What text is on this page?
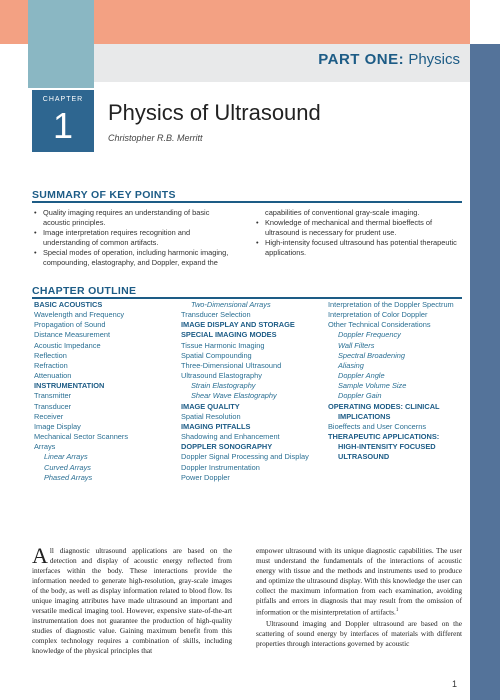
PART ONE: Physics
CHAPTER
1	Physics of Ultrasound
Christopher R.B. Merritt
SUMMARY OF KEY POINTS
• Quality imaging requires an understanding of basic acoustic principles.
• Image interpretation requires recognition and understanding of common artifacts.
• Special modes of operation, including harmonic imaging, compounding, elastography, and Doppler, expand the
capabilities of conventional gray-scale imaging.
• Knowledge of mechanical and thermal bioeffects of ultrasound is necessary for prudent use.
• High-intensity focused ultrasound has potential therapeutic applications.
CHAPTER OUTLINE
BASIC ACOUSTICS
Wavelength and Frequency
Propagation of Sound
Distance Measurement
Acoustic Impedance
Reflection
Refraction
Attenuation
INSTRUMENTATION
Transmitter
Transducer
Receiver
Image Display
Mechanical Sector Scanners
Arrays
Linear Arrays
Curved Arrays
Phased Arrays
Two-Dimensional Arrays
Transducer Selection
IMAGE DISPLAY AND STORAGE
SPECIAL IMAGING MODES
Tissue Harmonic Imaging
Spatial Compounding
Three-Dimensional Ultrasound
Ultrasound Elastography
Strain Elastography
Shear Wave Elastography
IMAGE QUALITY
Spatial Resolution
IMAGING PITFALLS
Shadowing and Enhancement
DOPPLER SONOGRAPHY
Doppler Signal Processing and Display
Doppler Instrumentation
Power Doppler
Interpretation of the Doppler Spectrum
Interpretation of Color Doppler
Other Technical Considerations
Doppler Frequency
Wall Filters
Spectral Broadening
Aliasing
Doppler Angle
Sample Volume Size
Doppler Gain
OPERATING MODES: CLINICAL
IMPLICATIONS
Bioeffects and User Concerns
THERAPEUTIC APPLICATIONS:
HIGH-INTENSITY FOCUSED
ULTRASOUND

All diagnostic ultrasound applications are based on the detection and display of acoustic energy reflected from interfaces within the body. These interactions provide the information needed to generate high-resolution, gray-scale images of the body, as well as display information related to blood flow. Its unique imaging attributes have made ultrasound an important and versatile medical imaging tool. However, expensive state-of-the-art instrumentation does not guarantee the production of high-quality studies of diagnostic value. Gaining maximum benefit from this complex technology requires a combination of skills, including knowledge of the physical principles that

empower ultrasound with its unique diagnostic capabilities. The user must understand the fundamentals of the interactions of acoustic energy with tissue and the methods and instruments used to produce and optimize the ultrasound display. With this knowledge the user can collect the maximum information from each examination, avoiding pitfalls and errors in diagnosis that may result from the omission of information or the misinterpretation of artifacts.$^1$

Ultrasound imaging and Doppler ultrasound are based on the scattering of sound energy by interfaces of materials with different properties through interactions governed by acoustic

1
